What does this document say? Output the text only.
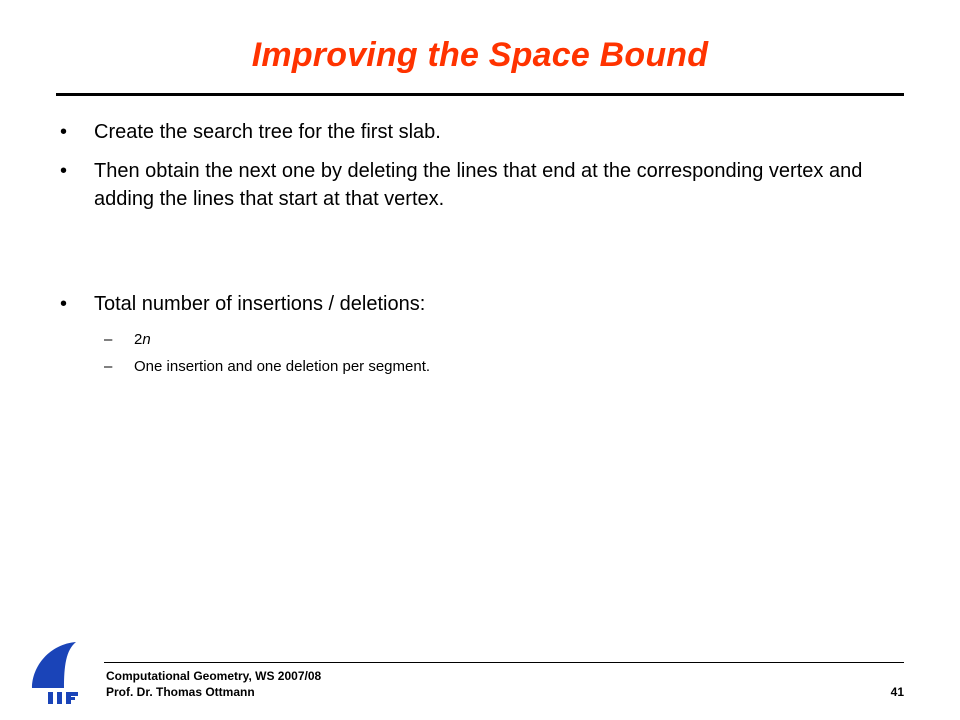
Improving the Space Bound
• Create the search tree for the first slab.
• Then obtain the next one by deleting the lines that end at the corresponding vertex and adding the lines that start at that vertex.
• Total number of insertions / deletions:
– 2n
– One insertion and one deletion per segment.
Computational Geometry, WS 2007/08
Prof. Dr. Thomas Ottmann	41
